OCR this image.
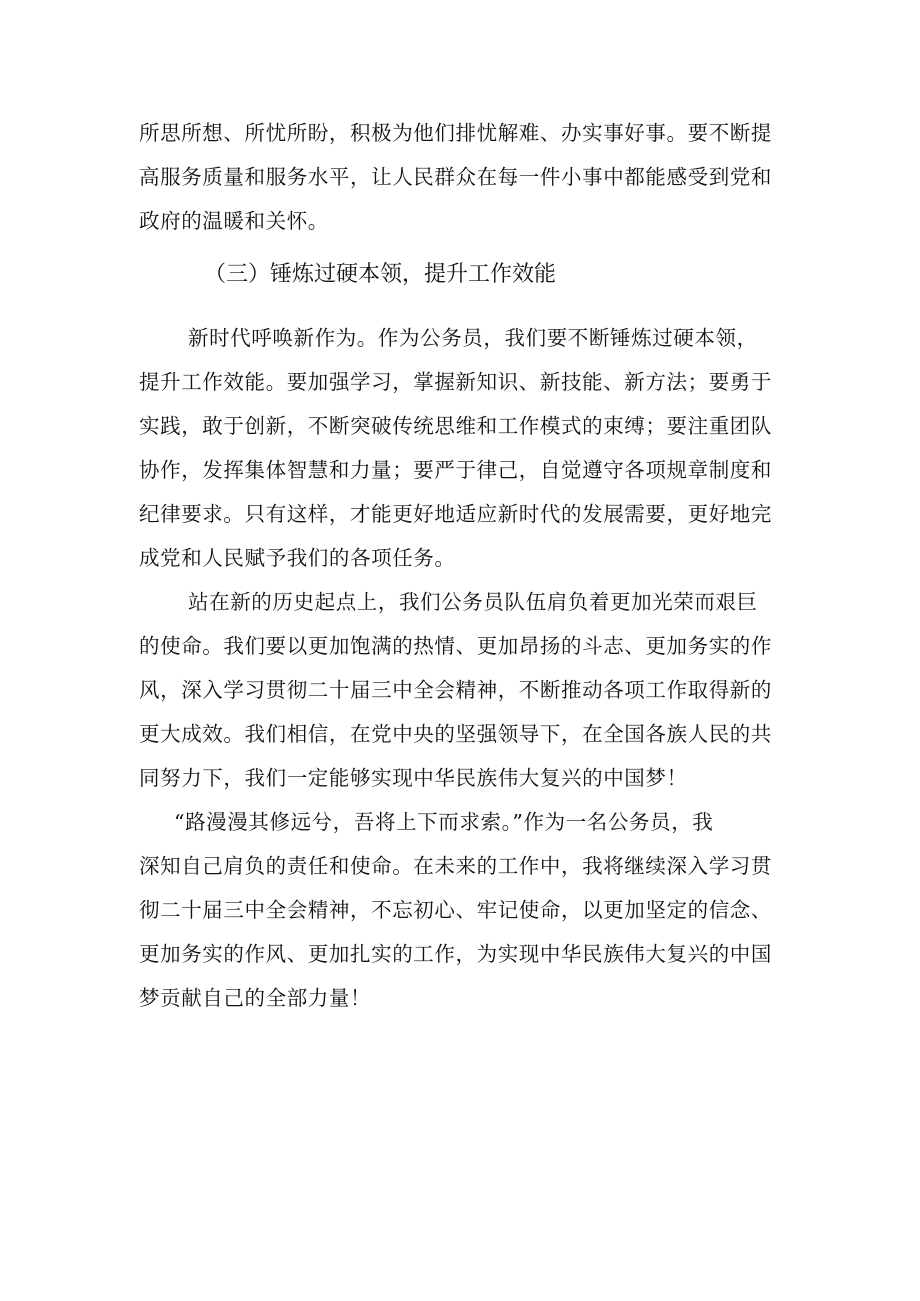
所思所想、所忧所盼，积极为他们排忧解难、办实事好事。要不断提
高服务质量和服务水平，让人民群众在每一件小事中都能感受到党和
政府的温暖和关怀。
（三）锤炼过硬本领，提升工作效能
新时代呼唤新作为。作为公务员，我们要不断锤炼过硬本领，
提升工作效能。要加强学习，掌握新知识、新技能、新方法；要勇于
实践，敢于创新，不断突破传统思维和工作模式的束缚；要注重团队
协作，发挥集体智慧和力量；要严于律己，自觉遵守各项规章制度和
纪律要求。只有这样，才能更好地适应新时代的发展需要，更好地完
成党和人民赋予我们的各项任务。
站在新的历史起点上，我们公务员队伍肩负着更加光荣而艰巨
的使命。我们要以更加饱满的热情、更加昂扬的斗志、更加务实的作
风，深入学习贯彻二十届三中全会精神，不断推动各项工作取得新的
更大成效。我们相信，在党中央的坚强领导下，在全国各族人民的共
同努力下，我们一定能够实现中华民族伟大复兴的中国梦！
“路漫漫其修远兮，吾将上下而求索。”作为一名公务员，我
深知自己肩负的责任和使命。在未来的工作中，我将继续深入学习贯
彻二十届三中全会精神，不忘初心、牢记使命，以更加坚定的信念、
更加务实的作风、更加扎实的工作，为实现中华民族伟大复兴的中国
梦贡献自己的全部力量！
